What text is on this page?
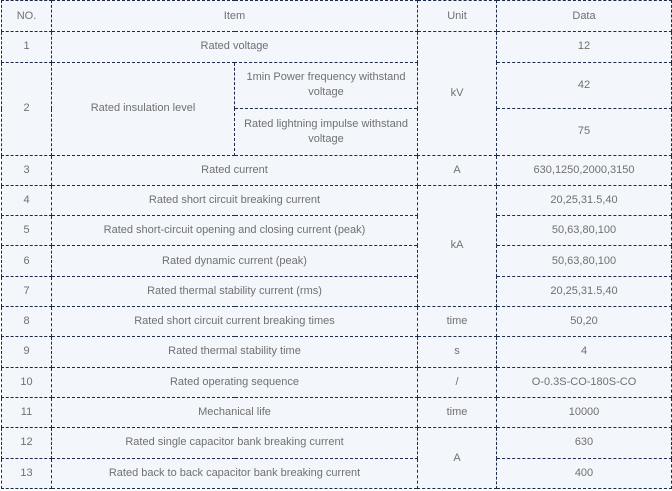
NO.	Item		Unit	Data
1	Rated voltage		kV	12
2	Rated insulation level	1min Power frequency withstand voltage		42
		Rated lightning impulse withstand voltage		75
3	Rated current		A	630,1250,2000,3150
4	Rated short circuit breaking current		kA	20,25,31.5,40
5	Rated short-circuit opening and closing current (peak)			50,63,80,100
6	Rated dynamic current (peak)			50,63,80,100
7	Rated thermal stability current (rms)			20,25,31.5,40
8	Rated short circuit current breaking times		time	50,20
9	Rated thermal stability time		s	4
10	Rated operating sequence		/	O-0.3S-CO-180S-CO
11	Mechanical life		time	10000
12	Rated single capacitor bank breaking current		A	630
13	Rated back to back capacitor bank breaking current			400
